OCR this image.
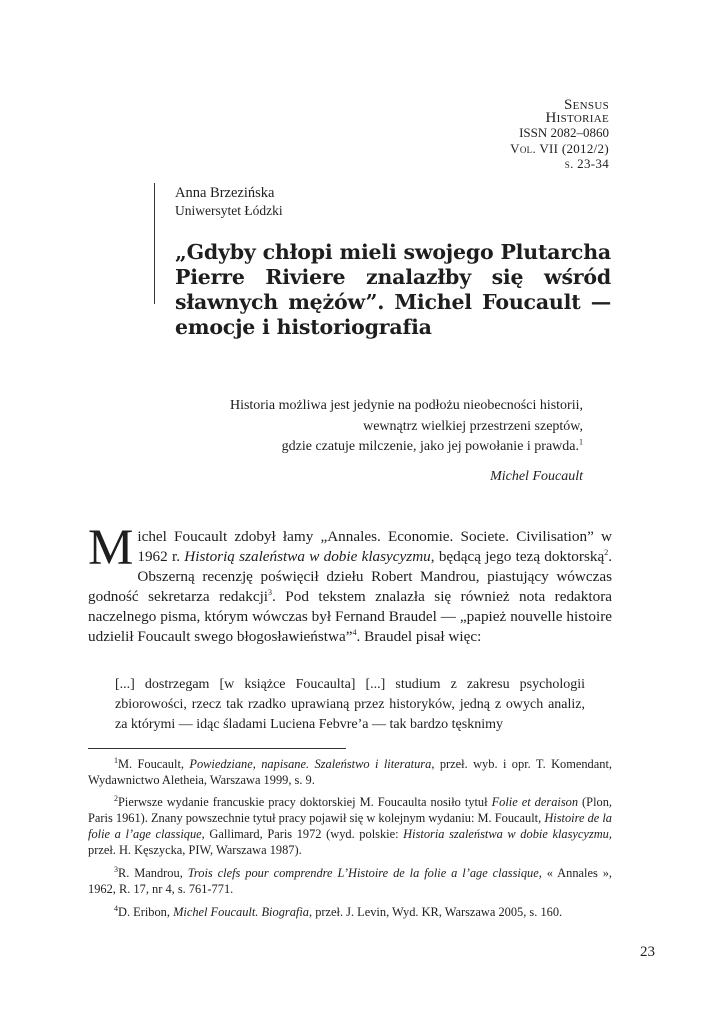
Sensus
Historiae
ISSN 2082–0860
Vol. VII (2012/2)
s. 23-34
Anna Brzezińska
Uniwersytet Łódzki
„Gdyby chłopi mieli swojego Plutarcha Pierre Riviere znalazłby się wśród sławnych mężów”. Michel Foucault — emocje i historiografia
Historia możliwa jest jedynie na podłożu nieobecności historii,
wewnątrz wielkiej przestrzeni szeptów,
gdzie czatuje milczenie, jako jej powołanie i prawda.$^1$
Michel Foucault
Michel Foucault zdobył łamy „Annales. Economie. Societe. Civilisation” w 1962 r. Historią szaleństwa w dobie klasycyzmu, będącą jego tezą doktorską$^2$. Obszerną recenzję poświęcił dziełu Robert Mandrou, piastujący wówczas godność sekretarza redakcji$^3$. Pod tekstem znalazła się również nota redaktora naczelnego pisma, którym wówczas był Fernand Braudel — „papież nouvelle histoire udzielił Foucault swego błogosławieństwa”$^4$. Braudel pisał więc:
[...] dostrzegam [w książce Foucaulta] [...] studium z zakresu psychologii zbiorowości, rzecz tak rzadko uprawianą przez historyków, jedną z owych analiz, za którymi — idąc śladami Luciena Febvre’a — tak bardzo tęsknimy
$^1$M. Foucault, Powiedziane, napisane. Szaleństwo i literatura, przeł. wyb. i opr. T. Komendant, Wydawnictwo Aletheia, Warszawa 1999, s. 9.
$^2$Pierwsze wydanie francuskie pracy doktorskiej M. Foucaulta nosiło tytuł Folie et deraison (Plon, Paris 1961). Znany powszechnie tytuł pracy pojawił się w kolejnym wydaniu: M. Foucault, Histoire de la folie a l’age classique, Gallimard, Paris 1972 (wyd. polskie: Historia szaleństwa w dobie klasycyzmu, przeł. H. Kęszycka, PIW, Warszawa 1987).
$^3$R. Mandrou, Trois clefs pour comprendre L’Histoire de la folie a l’age classique, « Annales », 1962, R. 17, nr 4, s. 761-771.
$^4$D. Eribon, Michel Foucault. Biografia, przeł. J. Levin, Wyd. KR, Warszawa 2005, s. 160.
23
